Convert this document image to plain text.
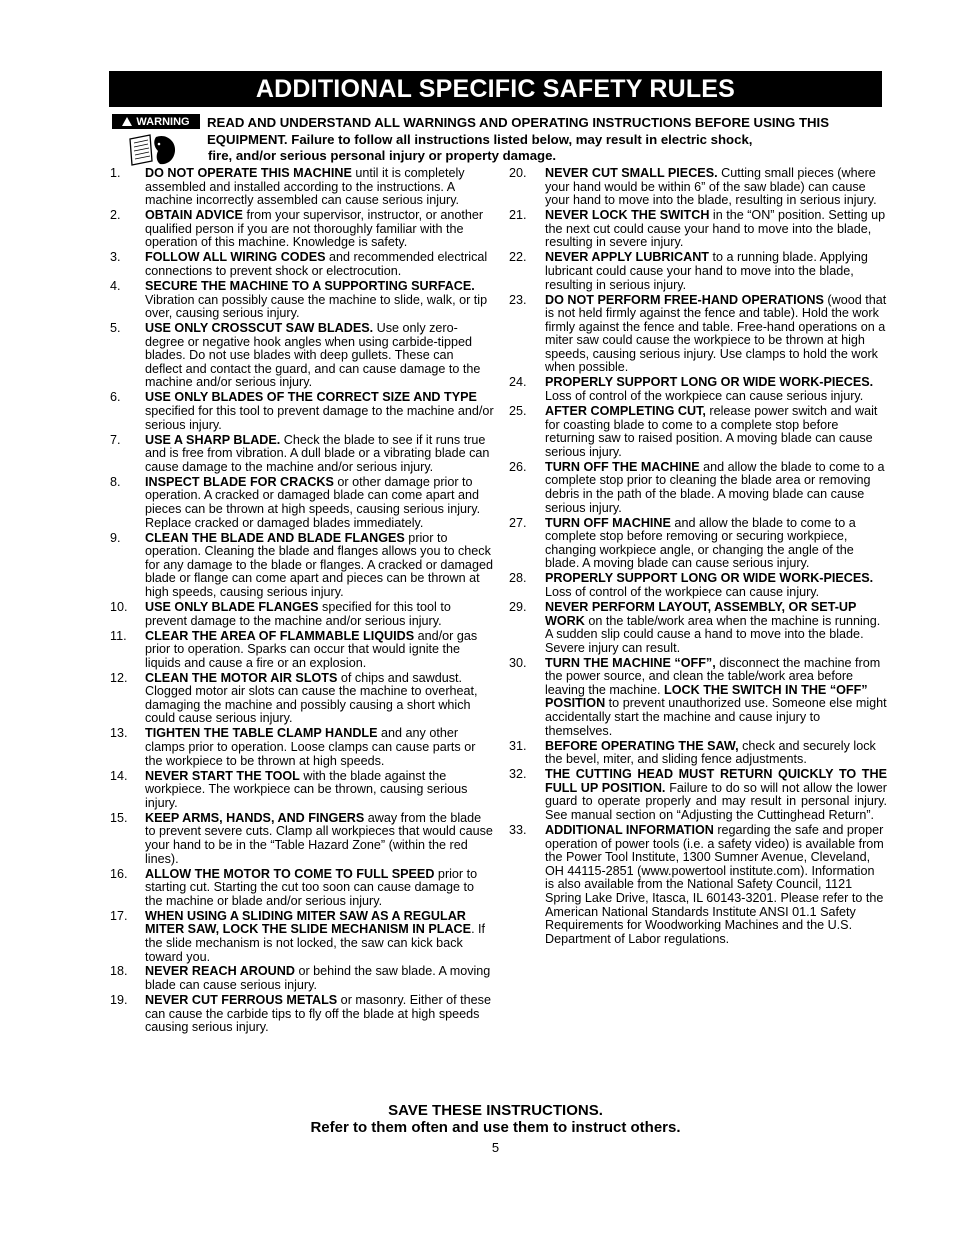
ADDITIONAL SPECIFIC SAFETY RULES
WARNING READ AND UNDERSTAND ALL WARNINGS AND OPERATING INSTRUCTIONS BEFORE USING THIS EQUIPMENT. Failure to follow all instructions listed below, may result in electric shock,

fire, and/or serious personal injury or property damage.

1. DO NOT OPERATE THIS MACHINE until it is completely assembled and installed according to the instructions. A machine incorrectly assembled can cause serious injury.
2. OBTAIN ADVICE from your supervisor, instructor, or another qualified person if you are not thoroughly familiar with the operation of this machine. Knowledge is safety.
3. FOLLOW ALL WIRING CODES and recommended electrical connections to prevent shock or electrocution.
4. SECURE THE MACHINE TO A SUPPORTING SURFACE. Vibration can possibly cause the machine to slide, walk, or tip over, causing serious injury.
5. USE ONLY CROSSCUT SAW BLADES. Use only zero-degree or negative hook angles when using carbide-tipped blades. Do not use blades with deep gullets. These can deflect and contact the guard, and can cause damage to the machine and/or serious injury.
6. USE ONLY BLADES OF THE CORRECT SIZE AND TYPE specified for this tool to prevent damage to the machine and/or serious injury.
7. USE A SHARP BLADE. Check the blade to see if it runs true and is free from vibration. A dull blade or a vibrating blade can cause damage to the machine and/or serious injury.
8. INSPECT BLADE FOR CRACKS or other damage prior to operation. A cracked or damaged blade can come apart and pieces can be thrown at high speeds, causing serious injury. Replace cracked or damaged blades immediately.
9. CLEAN THE BLADE AND BLADE FLANGES prior to operation. Cleaning the blade and flanges allows you to check for any damage to the blade or flanges. A cracked or damaged blade or flange can come apart and pieces can be thrown at high speeds, causing serious injury.
10. USE ONLY BLADE FLANGES specified for this tool to prevent damage to the machine and/or serious injury.
11. CLEAR THE AREA OF FLAMMABLE LIQUIDS and/or gas prior to operation. Sparks can occur that would ignite the liquids and cause a fire or an explosion.
12. CLEAN THE MOTOR AIR SLOTS of chips and sawdust. Clogged motor air slots can cause the machine to overheat, damaging the machine and possibly causing a short which could cause serious injury.
13. TIGHTEN THE TABLE CLAMP HANDLE and any other clamps prior to operation. Loose clamps can cause parts or the workpiece to be thrown at high speeds.
14. NEVER START THE TOOL with the blade against the workpiece. The workpiece can be thrown, causing serious injury.
15. KEEP ARMS, HANDS, AND FINGERS away from the blade to prevent severe cuts. Clamp all workpieces that would cause your hand to be in the “Table Hazard Zone” (within the red lines).
16. ALLOW THE MOTOR TO COME TO FULL SPEED prior to starting cut. Starting the cut too soon can cause damage to the machine or blade and/or serious injury.
17. WHEN USING A SLIDING MITER SAW AS A REGULAR MITER SAW, LOCK THE SLIDE MECHANISM IN PLACE. If the slide mechanism is not locked, the saw can kick back toward you.
18. NEVER REACH AROUND or behind the saw blade. A moving blade can cause serious injury.
19. NEVER CUT FERROUS METALS or masonry. Either of these can cause the carbide tips to fly off the blade at high speeds causing serious injury.
20. NEVER CUT SMALL PIECES. Cutting small pieces (where your hand would be within 6” of the saw blade) can cause your hand to move into the blade, resulting in serious injury.
21. NEVER LOCK THE SWITCH in the “ON” position. Setting up the next cut could cause your hand to move into the blade, resulting in severe injury.
22. NEVER APPLY LUBRICANT to a running blade. Applying lubricant could cause your hand to move into the blade, resulting in serious injury.
23. DO NOT PERFORM FREE-HAND OPERATIONS (wood that is not held firmly against the fence and table). Hold the work firmly against the fence and table. Free-hand operations on a miter saw could cause the workpiece to be thrown at high speeds, causing serious injury. Use clamps to hold the work when possible.
24. PROPERLY SUPPORT LONG OR WIDE WORK-PIECES. Loss of control of the workpiece can cause serious injury.
25. AFTER COMPLETING CUT, release power switch and wait for coasting blade to come to a complete stop before returning saw to raised position. A moving blade can cause serious injury.
26. TURN OFF THE MACHINE and allow the blade to come to a complete stop prior to cleaning the blade area or removing debris in the path of the blade. A moving blade can cause serious injury.
27. TURN OFF MACHINE and allow the blade to come to a complete stop before removing or securing workpiece, changing workpiece angle, or changing the angle of the blade. A moving blade can cause serious injury.
28. PROPERLY SUPPORT LONG OR WIDE WORK-PIECES. Loss of control of the workpiece can cause injury.
29. NEVER PERFORM LAYOUT, ASSEMBLY, OR SET-UP WORK on the table/work area when the machine is running. A sudden slip could cause a hand to move into the blade. Severe injury can result.
30. TURN THE MACHINE “OFF”, disconnect the machine from the power source, and clean the table/work area before leaving the machine. LOCK THE SWITCH IN THE “OFF” POSITION to prevent unauthorized use. Someone else might accidentally start the machine and cause injury to themselves.
31. BEFORE OPERATING THE SAW, check and securely lock the bevel, miter, and sliding fence adjustments.
32. THE CUTTING HEAD MUST RETURN QUICKLY TO THE FULL UP POSITION. Failure to do so will not allow the lower guard to operate properly and may result in personal injury. See manual section on “Adjusting the Cuttinghead Return”.
33. ADDITIONAL INFORMATION regarding the safe and proper operation of power tools (i.e. a safety video) is available from the Power Tool Institute, 1300 Sumner Avenue, Cleveland, OH 44115-2851 (www.powertool institute.com). Information is also available from the National Safety Council, 1121 Spring Lake Drive, Itasca, IL 60143-3201. Please refer to the American National Standards Institute ANSI 01.1 Safety Requirements for Woodworking Machines and the U.S. Department of Labor regulations.
SAVE THESE INSTRUCTIONS.
Refer to them often and use them to instruct others.
5
